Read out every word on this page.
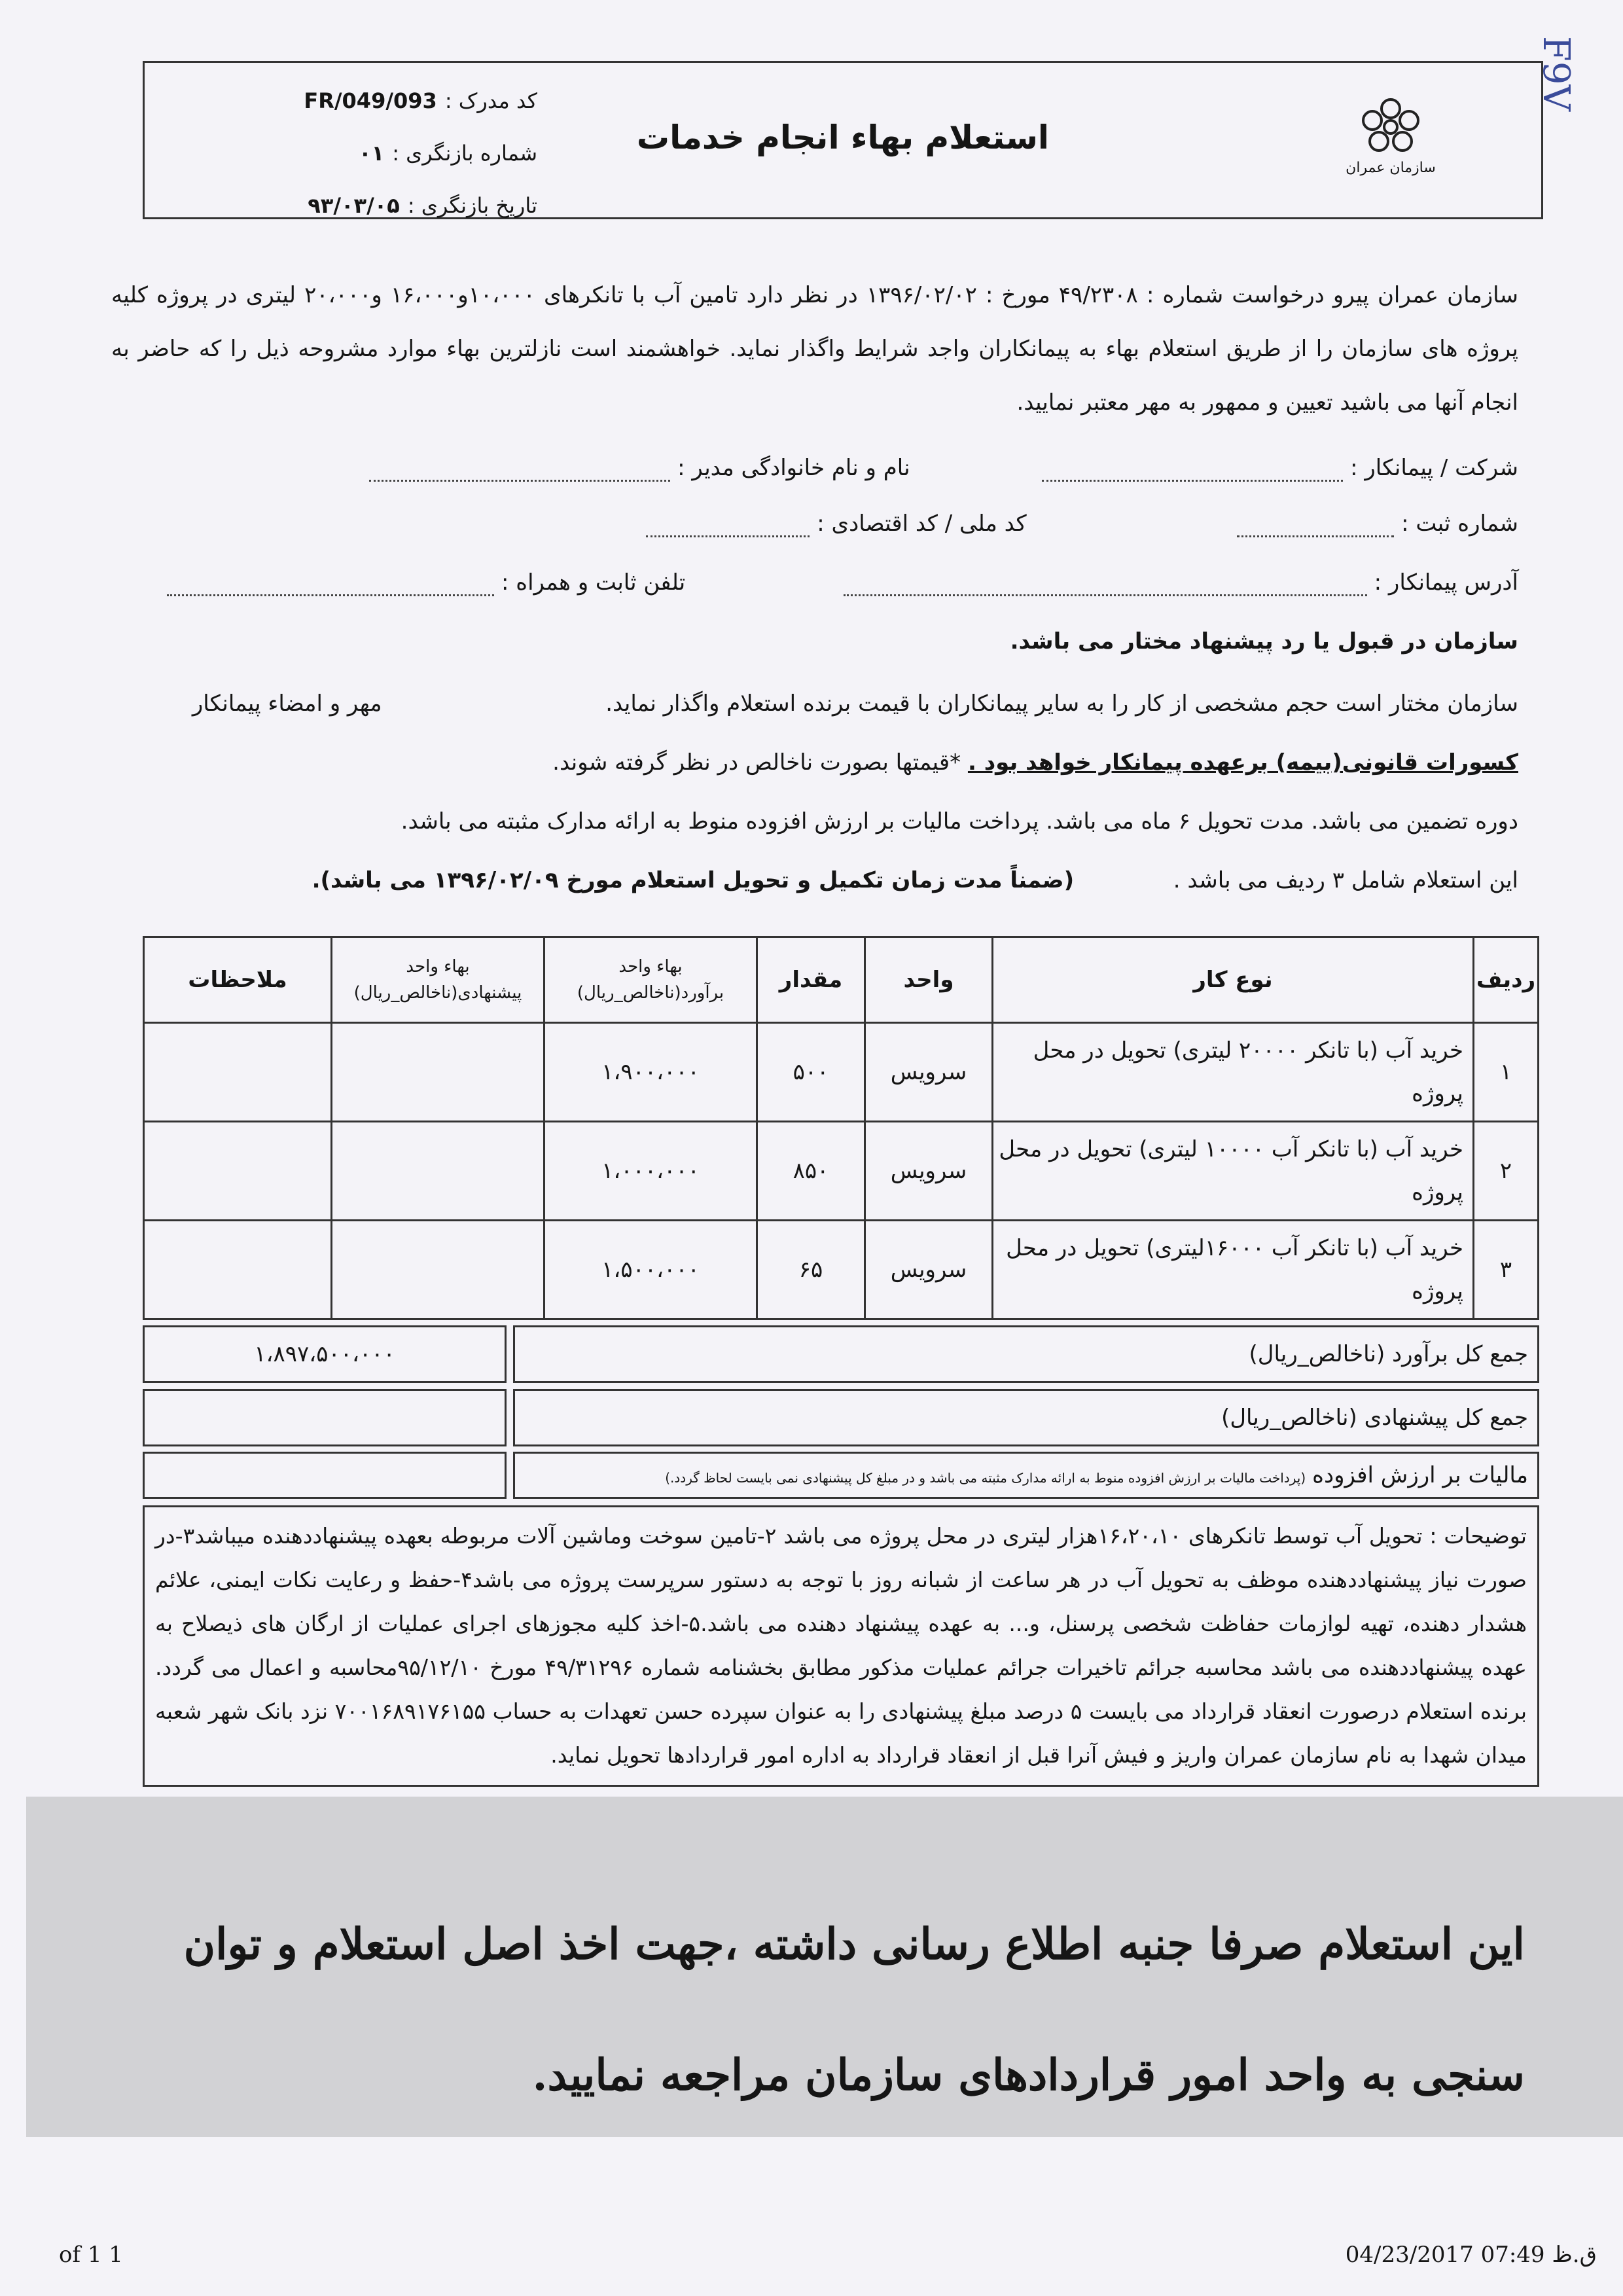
F9V
سازمان عمران
استعلام بهاء انجام خدمات
کد مدرک :
FR/049/093
شماره بازنگری :
۰۱
تاریخ بازنگری :
۹۳/۰۳/۰۵
سازمان عمران پیرو درخواست شماره : ۴۹/۲۳۰۸ مورخ : ۱۳۹۶/۰۲/۰۲ در نظر دارد تامین آب با تانکرهای ۱۰،۰۰۰و۱۶،۰۰۰ و۲۰،۰۰۰ لیتری در پروژه کلیه پروژه های سازمان را از طریق استعلام بهاء به پیمانکاران واجد شرایط واگذار نماید. خواهشمند است نازلترین بهاء موارد مشروحه ذیل را که حاضر به انجام آنها می باشید تعیین و ممهور به مهر معتبر نمایید.
شرکت / پیمانکار :   نام و نام خانوادگی مدیر :
شماره ثبت :   کد ملی / کد اقتصادی :
آدرس پیمانکار :   تلفن ثابت و همراه :
سازمان در قبول یا رد پیشنهاد مختار می باشد.
سازمان مختار است حجم مشخصی از کار را به سایر پیمانکاران با قیمت برنده استعلام واگذار نماید.  مهر و امضاء پیمانکار
کسورات قانونی(بیمه) برعهده پیمانکار خواهد بود . *قیمتها بصورت ناخالص در نظر گرفته شوند.
دوره تضمین می باشد. مدت تحویل ۶ ماه می باشد. پرداخت مالیات بر ارزش افزوده منوط به ارائه مدارک مثبته می باشد.
این استعلام شامل ۳ ردیف می باشد .  (ضمناً مدت زمان تکمیل و تحویل استعلام مورخ ۱۳۹۶/۰۲/۰۹ می باشد).
ردیف	نوع کار	واحد	مقدار	بهاء واحد برآورد(ناخالص_ریال)	بهاء واحد پیشنهادی(ناخالص_ریال)	ملاحظات
۱	خرید آب (با تانکر ۲۰۰۰۰ لیتری) تحویل در محل پروژه	سرویس	۵۰۰	۱،۹۰۰،۰۰۰		
۲	خرید آب (با تانکر آب ۱۰۰۰۰ لیتری) تحویل در محل پروژه	سرویس	۸۵۰	۱،۰۰۰،۰۰۰		
۳	خرید آب (با تانکر آب ۱۶۰۰۰لیتری) تحویل در محل پروژه	سرویس	۶۵	۱،۵۰۰،۰۰۰		
جمع کل برآورد (ناخالص_ریال)
۱،۸۹۷،۵۰۰،۰۰۰
جمع کل پیشنهادی (ناخالص_ریال)
مالیات بر ارزش افزوده(پرداخت مالیات بر ارزش افزوده منوط به ارائه مدارک مثبته می باشد و در مبلغ کل پیشنهادی نمی بایست لحاظ گردد.)
توضیحات : تحویل آب توسط تانکرهای ۱۶،۲۰،۱۰هزار لیتری در محل پروژه می باشد ۲-تامین سوخت وماشین آلات مربوطه بعهده پیشنهاددهنده میباشد۳-در صورت نیاز پیشنهاددهنده موظف به تحویل آب در هر ساعت از شبانه روز با توجه به دستور سرپرست پروژه می باشد۴-حفظ و رعایت نکات ایمنی، علائم هشدار دهنده، تهیه لوازمات حفاظت شخصی پرسنل، و... به عهده پیشنهاد دهنده می باشد.۵-اخذ کلیه مجوزهای اجرای عملیات از ارگان های ذیصلاح به عهده پیشنهاددهنده می باشد محاسبه جرائم تاخیرات جرائم عملیات مذکور مطابق بخشنامه شماره ۴۹/۳۱۲۹۶ مورخ ۹۵/۱۲/۱۰محاسبه و اعمال می گردد. برنده استعلام درصورت انعقاد قرارداد می بایست ۵ درصد مبلغ پیشنهادی را به عنوان سپرده حسن تعهدات به حساب ۷۰۰۱۶۸۹۱۷۶۱۵۵ نزد بانک شهر شعبه میدان شهدا به نام سازمان عمران واریز و فیش آنرا قبل از انعقاد قرارداد به اداره امور قراردادها تحویل نماید.
این استعلام صرفا جنبه اطلاع رسانی داشته ،جهت اخذ اصل استعلام و توان سنجی به واحد امور قراردادهای سازمان مراجعه نمایید.
of 1 1	ق.ظ 07:49 04/23/2017
